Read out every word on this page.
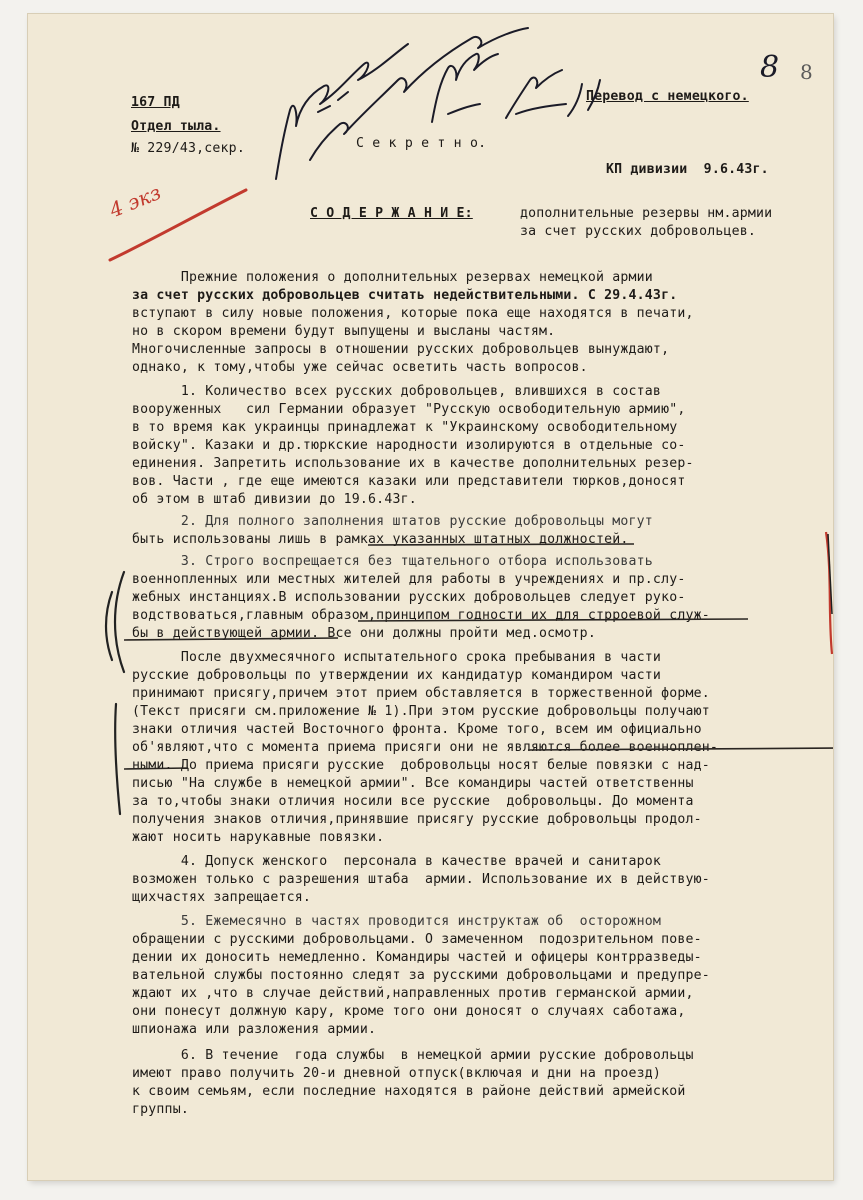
167 ПД

Отдел тыла.

№ 229/43,секр.

Перевод с немецкого.

С е к р е т н о.

КП дивизии  9.6.43г.

С О Д Е Р Ж А Н И Е:	дополнительные резервы нм.армии

за счет русских добровольцев.

Прежние положения о дополнительных резервах немецкой армии

за счет русских добровольцев считать недействительными. С 29.4.43г.

вступают в силу новые положения, которые пока еще находятся в печати,

но в скором времени будут выпущены и высланы частям.

Многочисленные запросы в отношении русских добровольцев вынуждают,

однако, к тому,чтобы уже сейчас осветить часть вопросов.

1. Количество всех русских добровольцев, влившихся в состав

вооруженных   сил Германии образует "Русскую освободительную армию",

в то время как украинцы принадлежат к "Украинскому освободительному

войску". Казаки и др.тюркские народности изолируются в отдельные со-

единения. Запретить использование их в качестве дополнительных резер-

вов. Части , где еще имеются казаки или представители тюрков,доносят

об этом в штаб дивизии до 19.6.43г.

2. Для полного заполнения штатов русские добровольцы могут

быть использованы лишь в рамках указанных штатных должностей.

3. Строго воспрещается без тщательного отбора использовать

военнопленных или местных жителей для работы в учреждениях и пр.слу-

жебных инстанциях.В использовании русских добровольцев следует руко-

водствоваться,главным образом,принципом годности их для стрроевой служ-

бы в действующей армии. Все они должны пройти мед.осмотр.

После двухмесячного испытательного срока пребывания в части

русские добровольцы по утверждении их кандидатур командиром части

принимают присягу,причем этот прием обставляется в торжественной форме.

(Текст присяги см.приложение № 1).При этом русские добровольцы получают

знаки отличия частей Восточного фронта. Кроме того, всем им официально

об'являют,что с момента приема присяги они не являются более военноплен-

ными. До приема присяги русские  добровольцы носят белые повязки с над-

писью "На службе в немецкой армии". Все командиры частей ответственны

за то,чтобы знаки отличия носили все русские  добровольцы. До момента

получения знаков отличия,принявшие присягу русские добровольцы продол-

жают носить нарукавные повязки.

4. Допуск женского  персонала в качестве врачей и санитарок

возможен только с разрешения штаба  армии. Использование их в действую-

щихчастях запрещается.

5. Ежемесячно в частях проводится инструктаж об  осторожном

обращении с русскими добровольцами. О замеченном  подозрительном пове-

дении их доносить немедленно. Командиры частей и офицеры контрразведы-

вательной службы постоянно следят за русскими добровольцами и предупре-

ждают их ,что в случае действий,направленных против германской армии,

они понесут должную кару, кроме того они доносят о случаях саботажа,

шпионажа или разложения армии.

6. В течение  года службы  в немецкой армии русские добровольцы

имеют право получить 20-и дневной отпуск(включая и дни на проезд)

к своим семьям, если последние находятся в районе действий армейской

группы.

8 8
4 экз
